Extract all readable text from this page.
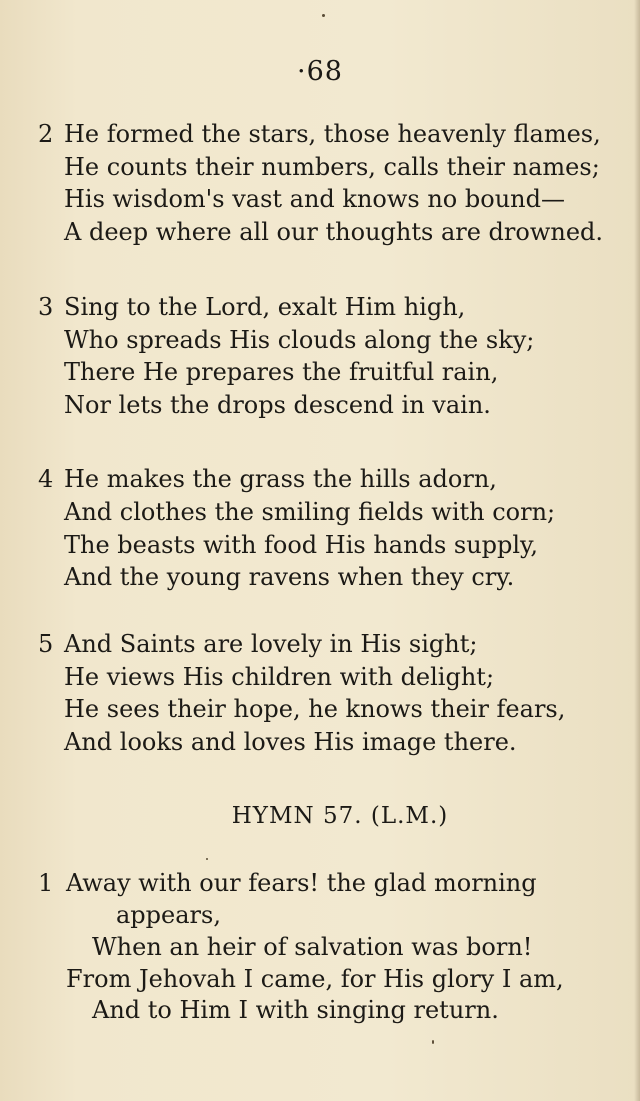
·68
2 He formed the stars, those heavenly flames,
He counts their numbers, calls their names;
His wisdom's vast and knows no bound—
A deep where all our thoughts are drowned.
3 Sing to the Lord, exalt Him high,
Who spreads His clouds along the sky;
There He prepares the fruitful rain,
Nor lets the drops descend in vain.
4 He makes the grass the hills adorn,
And clothes the smiling fields with corn;
The beasts with food His hands supply,
And the young ravens when they cry.
5 And Saints are lovely in His sight;
He views His children with delight;
He sees their hope, he knows their fears,
And looks and loves His image there.
HYMN 57. (L.M.)
1 Away with our fears! the glad morning
appears,
When an heir of salvation was born!
From Jehovah I came, for His glory I am,
And to Him I with singing return.
